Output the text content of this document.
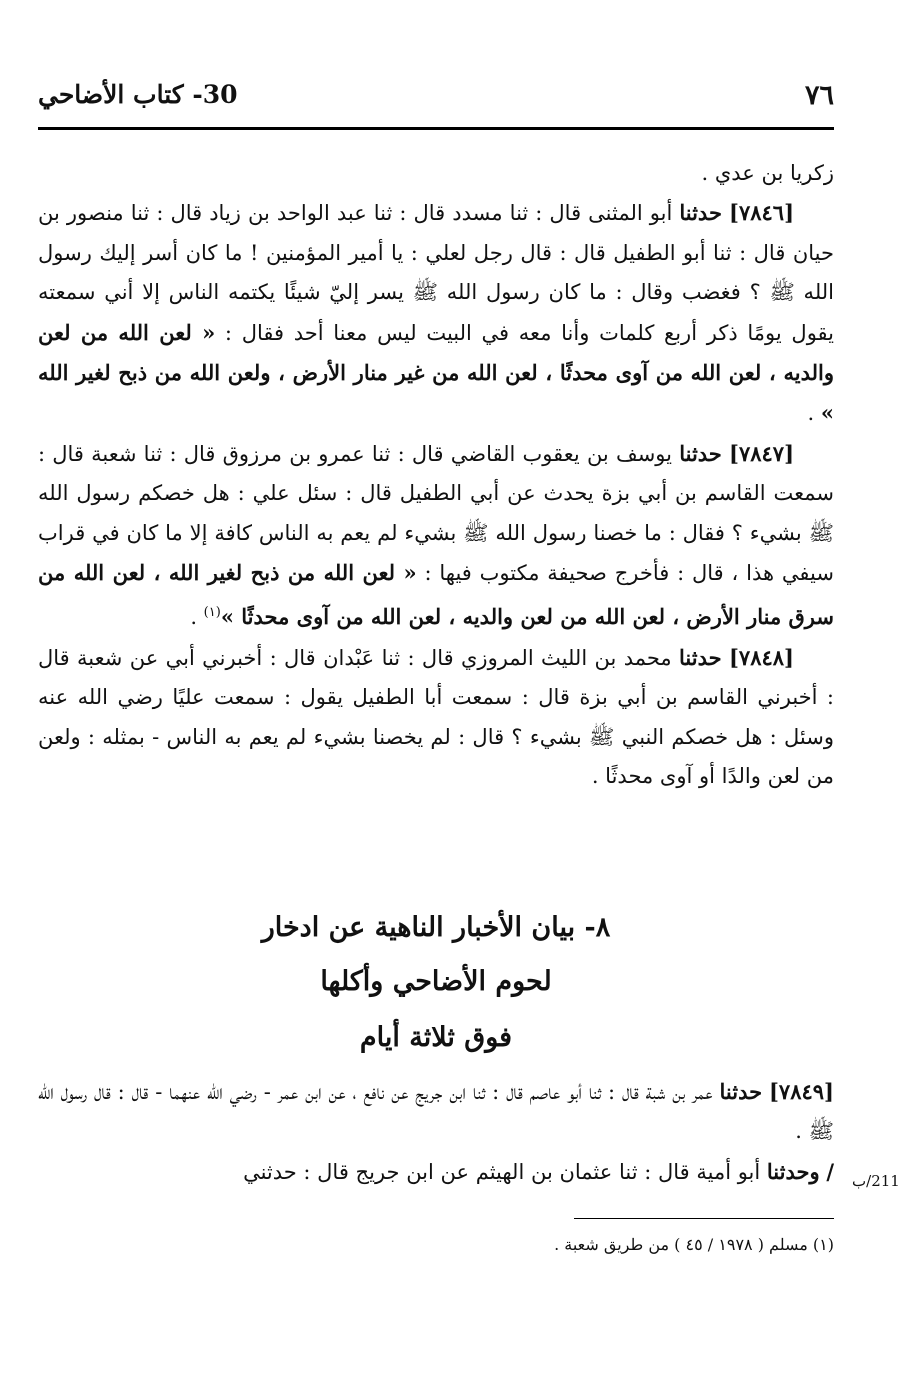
٧٦
30- كتاب الأضاحي

زكريا بن عدي .

[٧٨٤٦] حدثنا أبو المثنى قال : ثنا مسدد قال : ثنا عبد الواحد بن زياد قال : ثنا منصور بن حيان قال : ثنا أبو الطفيل قال : قال رجل لعلي : يا أمير المؤمنين ! ما كان أسر إليك رسول الله ﷺ ؟ فغضب وقال : ما كان رسول الله ﷺ يسر إليّ شيئًا يكتمه الناس إلا أني سمعته يقول يومًا ذكر أربع كلمات وأنا معه في البيت ليس معنا أحد فقال : « لعن الله من لعن والديه ، لعن الله من آوى محدثًا ، لعن الله من غير منار الأرض ، ولعن الله من ذبح لغير الله » .

[٧٨٤٧] حدثنا يوسف بن يعقوب القاضي قال : ثنا عمرو بن مرزوق قال : ثنا شعبة قال : سمعت القاسم بن أبي بزة يحدث عن أبي الطفيل قال : سئل علي : هل خصكم رسول الله ﷺ بشيء ؟ فقال : ما خصنا رسول الله ﷺ بشيء لم يعم به الناس كافة إلا ما كان في قراب سيفي هذا ، قال : فأخرج صحيفة مكتوب فيها : « لعن الله من ذبح لغير الله ، لعن الله من سرق منار الأرض ، لعن الله من لعن والديه ، لعن الله من آوى محدثًا »$^{(١)}$ .

[٧٨٤٨] حدثنا محمد بن الليث المروزي قال : ثنا عَبْدان قال : أخبرني أبي عن شعبة قال : أخبرني القاسم بن أبي بزة قال : سمعت أبا الطفيل يقول : سمعت عليًا رضي الله عنه وسئل : هل خصكم النبي ﷺ بشيء ؟ قال : لم يخصنا بشيء لم يعم به الناس - بمثله : ولعن من لعن والدًا أو آوى محدثًا .

٨- بيان الأخبار الناهية عن ادخار
لحوم الأضاحي وأكلها
فوق ثلاثة أيام

[٧٨٤٩] حدثنا عمر بن شبة قال : ثنا أبو عاصم قال : ثنا ابن جريج عن نافع ، عن ابن عمر - رضي الله عنهما - قال : قال رسول الله ﷺ .

/ وحدثنا أبو أمية قال : ثنا عثمان بن الهيثم عن ابن جريج قال : حدثني	211/ب
(١) مسلم ( ١٩٧٨ / ٤٥ ) من طريق شعبة .
